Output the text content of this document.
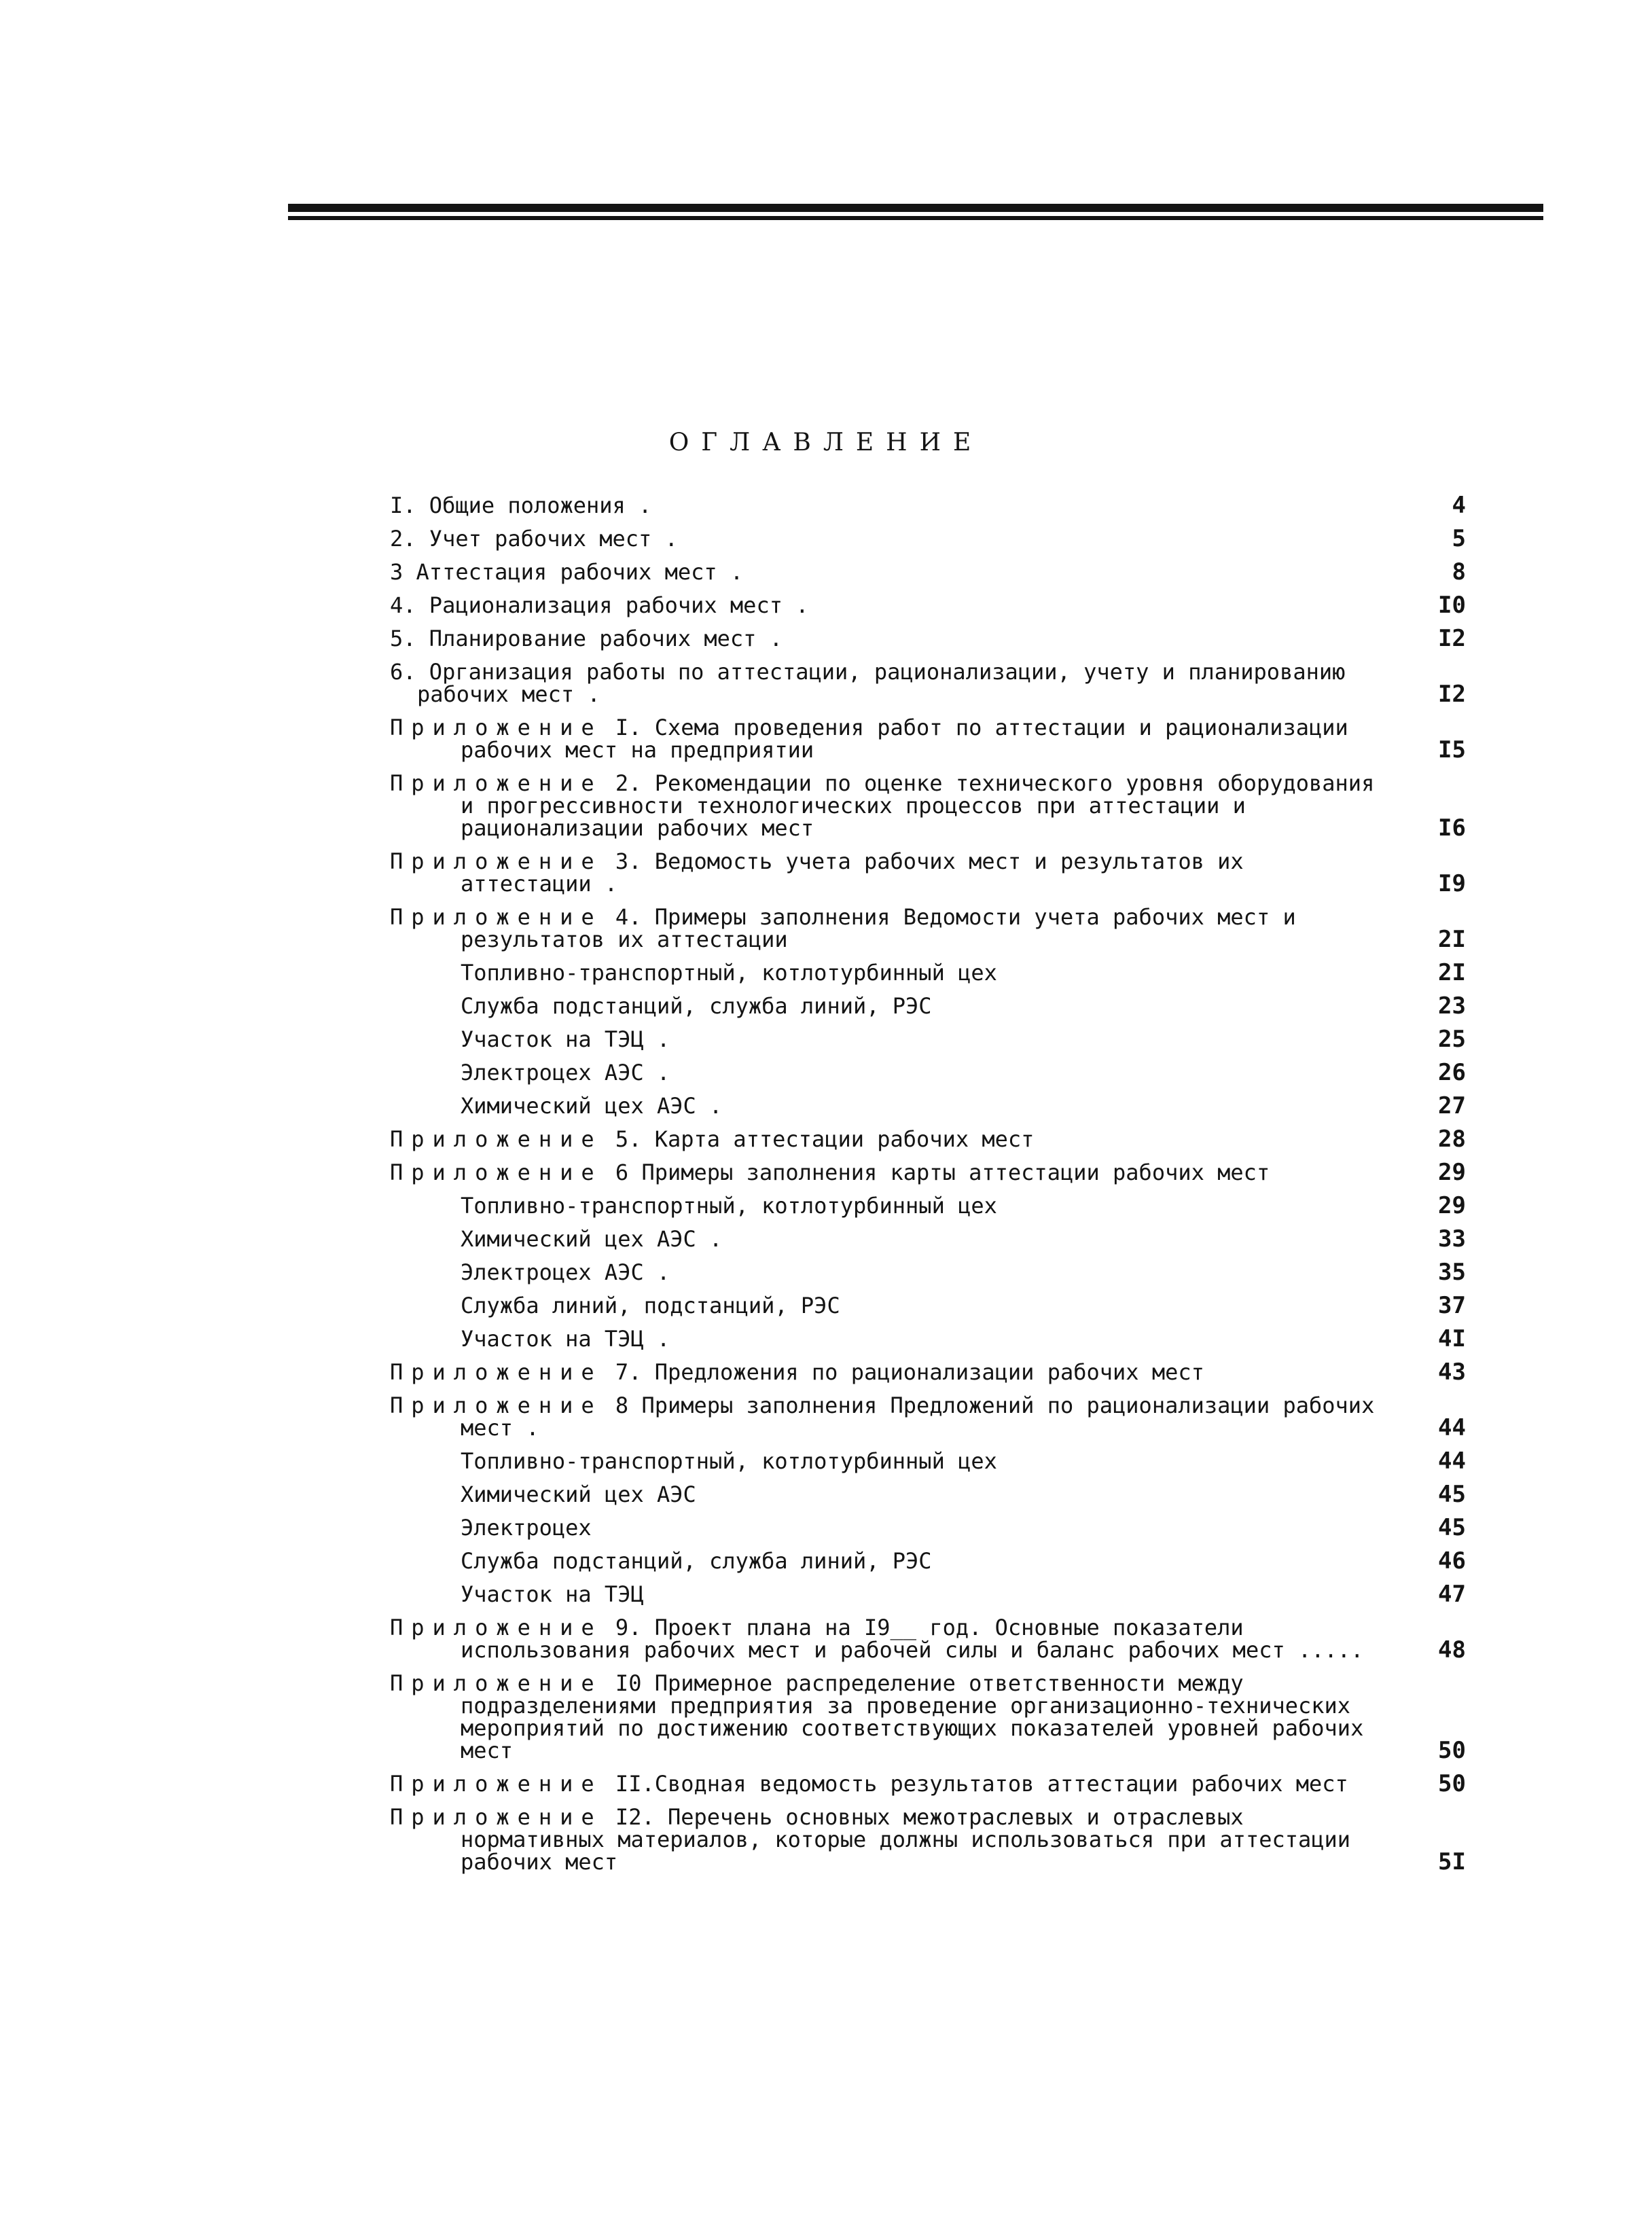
ОГЛАВЛЕНИЕ
I. Общие положения .	4
2. Учет рабочих мест .	5
3 Аттестация рабочих мест .	8
4. Рационализация рабочих мест .	I0
5. Планирование рабочих мест .	I2
6. Организация работы по аттестации, рационализации, учету и планированию рабочих мест .	I2
Приложение I. Схема проведения работ по аттестации и рационализации рабочих мест на предприятии	I5
Приложение 2. Рекомендации по оценке технического уровня оборудования и прогрессивности технологических процессов при аттестации и рационализации рабочих мест	I6
Приложение 3. Ведомость учета рабочих мест и результатов их аттестации .	I9
Приложение 4. Примеры заполнения Ведомости учета рабочих мест и результатов их аттестации	2I
Топливно-транспортный, котлотурбинный цех	2I
Служба подстанций, служба линий, РЭС	23
Участок на ТЭЦ .	25
Электроцех АЭС .	26
Химический цех АЭС .	27
Приложение 5. Карта аттестации рабочих мест	28
Приложение 6 Примеры заполнения карты аттестации рабочих мест	29
Топливно-транспортный, котлотурбинный цех	29
Химический цех АЭС .	33
Электроцех АЭС .	35
Служба линий, подстанций, РЭС	37
Участок на ТЭЦ .	4I
Приложение 7. Предложения по рационализации рабочих мест	43
Приложение 8 Примеры заполнения Предложений по рационализации рабочих мест .	44
Топливно-транспортный, котлотурбинный цех	44
Химический цех АЭС	45
Электроцех	45
Служба подстанций, служба линий, РЭС	46
Участок на ТЭЦ	47
Приложение 9. Проект плана на I9__ год. Основные показатели использования рабочих мест и рабочей силы и баланс рабочих мест .....	48
Приложение I0 Примерное распределение ответственности между подразделениями предприятия за проведение организационно-технических мероприятий по достижению соответствующих показателей уровней рабочих мест	50
Приложение II.Сводная ведомость результатов аттестации рабочих мест	50
Приложение I2. Перечень основных межотраслевых и отраслевых нормативных материалов, которые должны использоваться при аттестации рабочих мест	5I
